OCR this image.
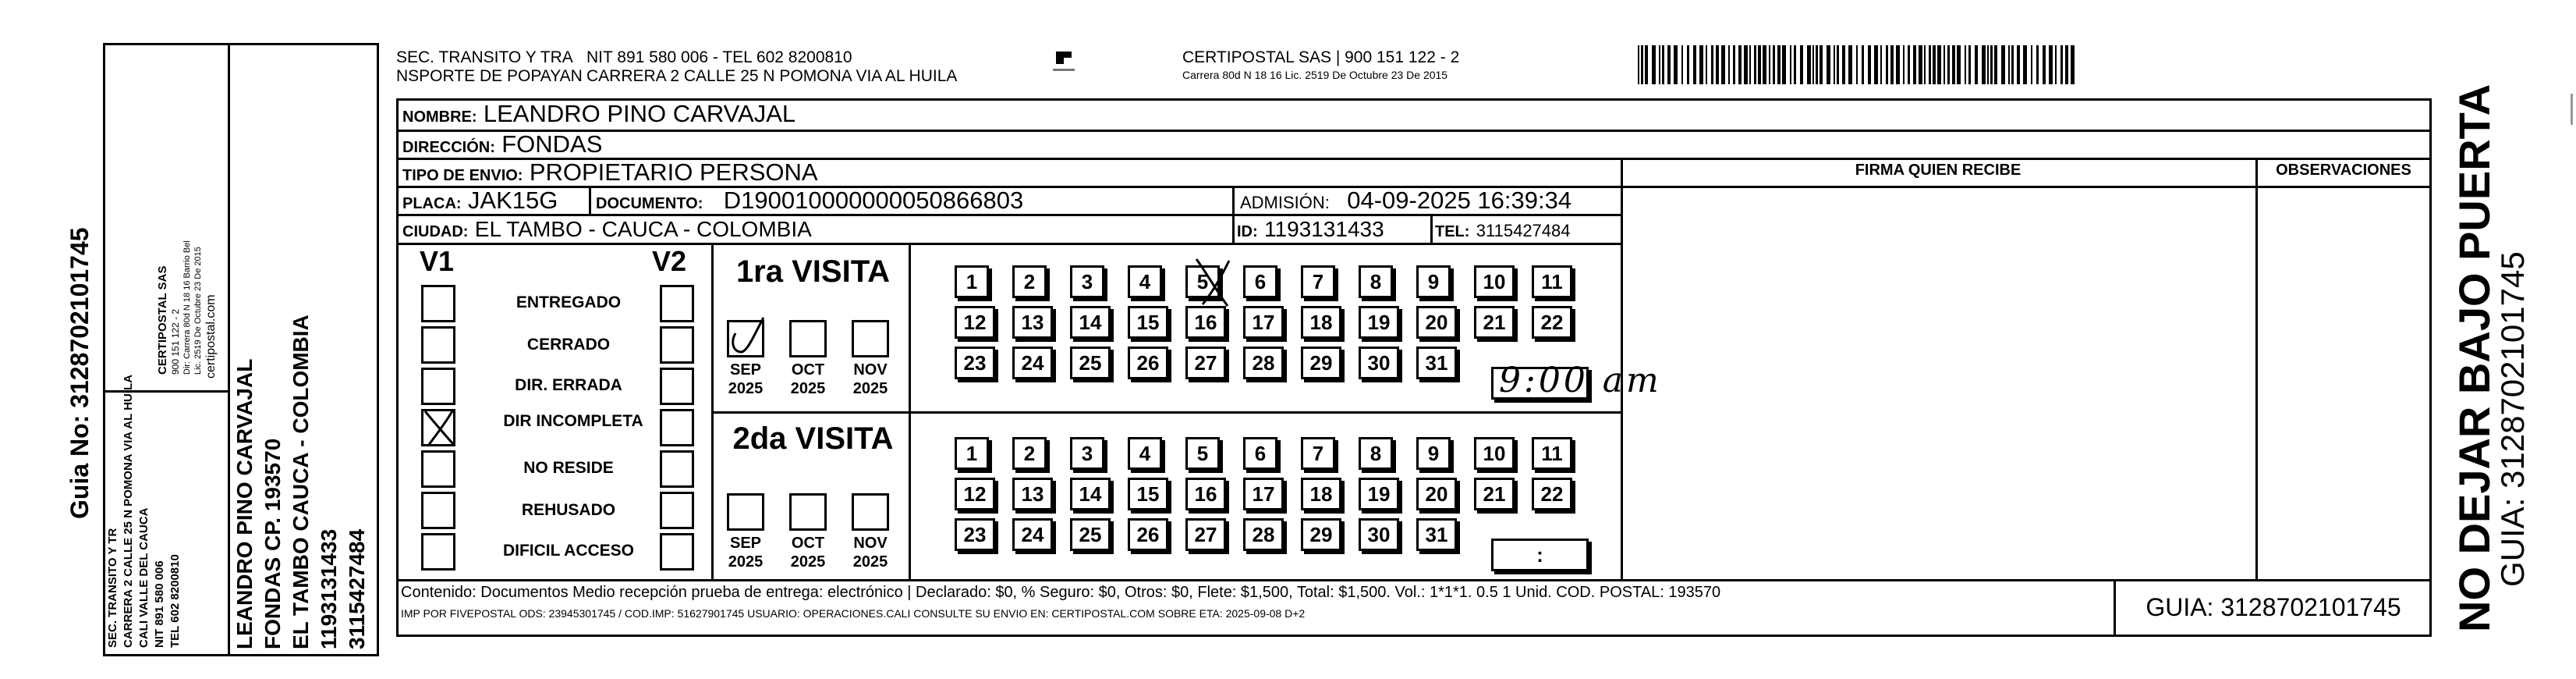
Guia No: 3128702101745
SEC. TRANSITO Y TR CARRERA 2 CALLE 25 N POMONA VIA AL HUILA CALI VALLE DEL CAUCA NIT 891 580 006 TEL 602 8200810
CERTIPOSTAL SAS 900 151 122 - 2 Dir: Carrera 80d N 18 16 Barrio Bel Lic. 2519 De Octubre 23 De 2015 certipostal.com
LEANDRO PINO CARVAJAL FONDAS CP. 193570 EL TAMBO CAUCA - COLOMBIA 1193131433 3115427484
SEC. TRANSITO Y TRA
NSPORTE DE POPAYAN
NIT 891 580 006 - TEL 602 8200810
CARRERA 2 CALLE 25 N POMONA VIA AL HUILA
CERTIPOSTAL SAS | 900 151 122 - 2
Carrera 80d N 18 16 Lic. 2519 De Octubre 23 De 2015
NOMBRE: LEANDRO PINO CARVAJAL
DIRECCIÓN: FONDAS
TIPO DE ENVIO: PROPIETARIO PERSONA	FIRMA QUIEN RECIBE	OBSERVACIONES
PLACA: JAK15G DOCUMENTO: D190010000000050866803	ADMISIÓN: 04-09-2025 16:39:34
CIUDAD: EL TAMBO - CAUCA - COLOMBIA	ID: 1193131433	TEL: 3115427484
V1	V2
ENTREGADO
CERRADO
DIR. ERRADA
DIR INCOMPLETA
NO RESIDE
REHUSADO
DIFICIL ACCESO
1ra VISITA
2da VISITA
SEP
2025
OCT
2025
NOV
2025
SEP
2025
OCT
2025
NOV
2025
1	2	3	4	5	6	7	8	9	10	11
12	13	14	15	16	17	18	19	20	21	22
23	24	25	26	27	28	29	30	31
1	2	3	4	5	6	7	8	9	10	11
12	13	14	15	16	17	18	19	20	21	22
23	24	25	26	27	28	29	30	31
9:00 am
:
Contenido: Documentos Medio recepción prueba de entrega: electrónico | Declarado: $0, % Seguro: $0, Otros: $0, Flete: $1,500, Total: $1,500. Vol.: 1*1*1. 0.5 1 Unid. COD. POSTAL: 193570
IMP POR FIVEPOSTAL ODS: 23945301745 / COD.IMP: 51627901745 USUARIO: OPERACIONES.CALI CONSULTE SU ENVIO EN: CERTIPOSTAL.COM SOBRE ETA: 2025-09-08 D+2	GUIA: 3128702101745	NO DEJAR BAJO PUERTA
GUIA: 3128702101745
